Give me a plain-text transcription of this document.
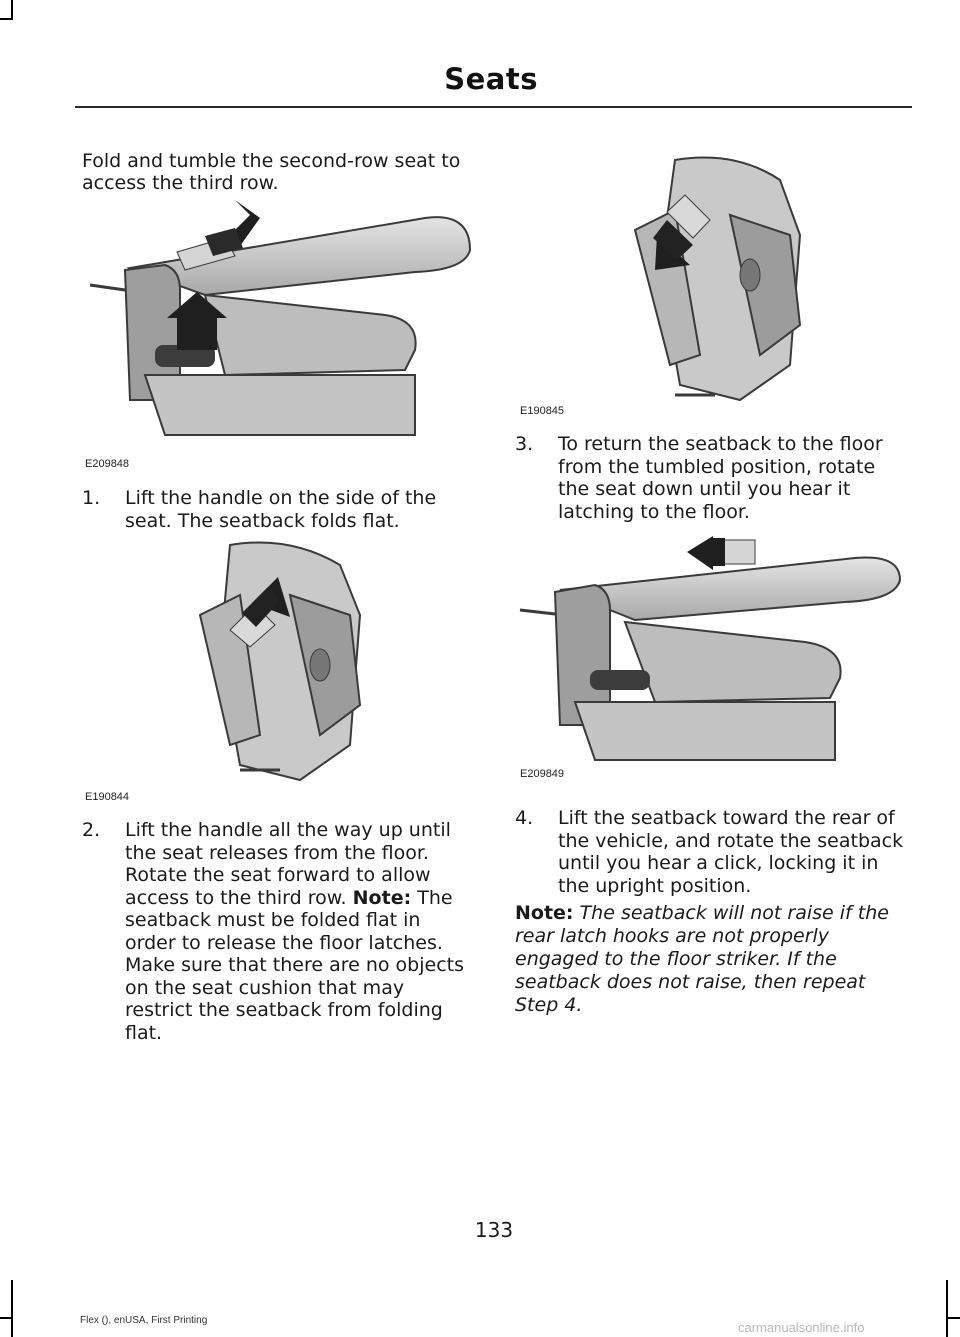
Seats
Fold and tumble the second-row seat to access the third row.
E209848
1. Lift the handle on the side of the seat. The seatback folds flat.
E190844
2. Lift the handle all the way up until the seat releases from the floor. Rotate the seat forward to allow access to the third row. Note: The seatback must be folded flat in order to release the floor latches. Make sure that there are no objects on the seat cushion that may restrict the seatback from folding flat.
E190845
3. To return the seatback to the floor from the tumbled position, rotate the seat down until you hear it latching to the floor.
E209849
4. Lift the seatback toward the rear of the vehicle, and rotate the seatback until you hear a click, locking it in the upright position.
Note: The seatback will not raise if the rear latch hooks are not properly engaged to the floor striker. If the seatback does not raise, then repeat Step 4.
133
Flex (), enUSA, First Printing	carmanualsonline.info
